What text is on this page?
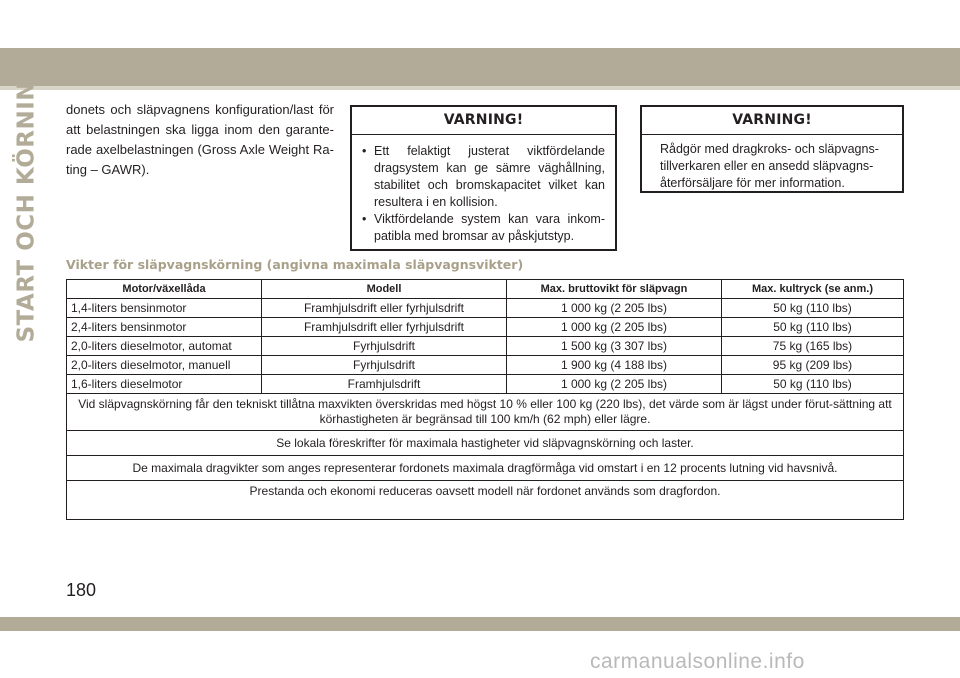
START OCH KÖRNING donets och släpvagnens konfiguration/last för att belastningen ska ligga inom den garante-rade axelbelastningen (Gross Axle Weight Ra-ting – GAWR).

VARNING!
• Ett felaktigt justerat viktfördelande dragsystem kan ge sämre väghållning, stabilitet och bromskapacitet vilket kan resultera i en kollision.
• Viktfördelande system kan vara inkom-patibla med bromsar av påskjutstyp.
VARNING!

Rådgör med dragkroks- och släpvagns-tillverkaren eller en ansedd släpvagns-återförsäljare för mer information.

Vikter för släpvagnskörning (angivna maximala släpvagnsvikter)
Motor/växellåda	Modell	Max. bruttovikt för släpvagn	Max. kultryck (se anm.)
1,4-liters bensinmotor	Framhjulsdrift eller fyrhjulsdrift	1 000 kg (2 205 lbs)	50 kg (110 lbs)
2,4-liters bensinmotor	Framhjulsdrift eller fyrhjulsdrift	1 000 kg (2 205 lbs)	50 kg (110 lbs)
2,0-liters dieselmotor, automat	Fyrhjulsdrift	1 500 kg (3 307 lbs)	75 kg (165 lbs)
2,0-liters dieselmotor, manuell	Fyrhjulsdrift	1 900 kg (4 188 lbs)	95 kg (209 lbs)
1,6-liters dieselmotor	Framhjulsdrift	1 000 kg (2 205 lbs)	50 kg (110 lbs)
Vid släpvagnskörning får den tekniskt tillåtna maxvikten överskridas med högst 10 % eller 100 kg (220 lbs), det värde som är lägst under förut-sättning att körhastigheten är begränsad till 100 km/h (62 mph) eller lägre.			
Se lokala föreskrifter för maximala hastigheter vid släpvagnskörning och laster.			
De maximala dragvikter som anges representerar fordonets maximala dragförmåga vid omstart i en 12 procents lutning vid havsnivå.			
Prestanda och ekonomi reduceras oavsett modell när fordonet används som dragfordon.			
180
carmanualsonline.info
